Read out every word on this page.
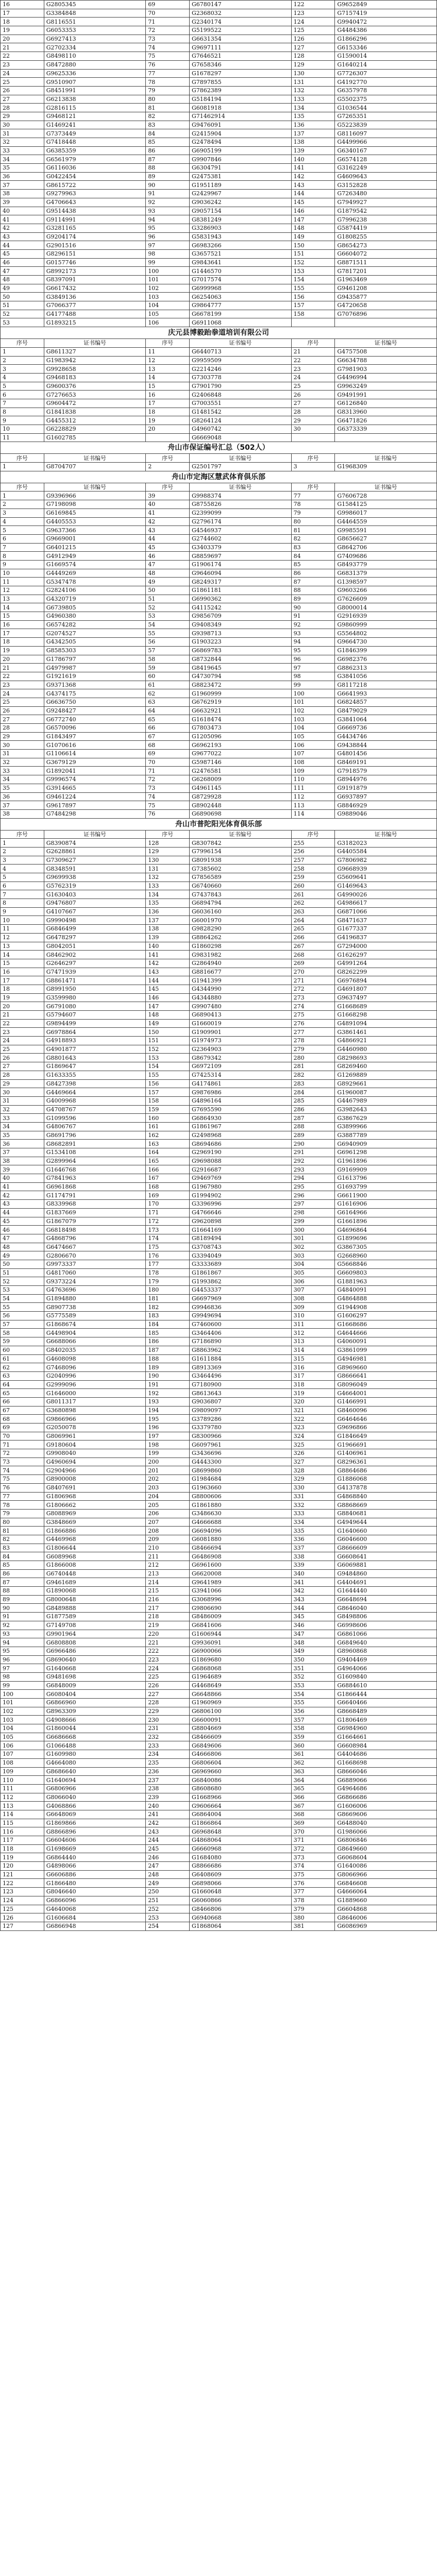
16	G2805345	69	G6780147	122	G9652849
17	G3384848	70	G2368032	123	G7157419
18	G8116551	71	G2340174	124	G9940472
19	G6053353	72	G5199522	125	G4484386
20	G6927413	73	G6631354	126	G1866296
21	G2702334	74	G9697111	127	G6153346
22	G8498110	75	G7646521	128	G1590014
23	G8472880	76	G7658346	129	G1640214
24	G9625336	77	G1678297	130	G7726307
25	G9510907	78	G7897855	131	G4192770
26	G8451991	79	G7862389	132	G6357978
27	G6213838	80	G5184194	133	G5502375
28	G2816115	81	G6081918	134	G1036544
29	G9468121	82	G71462914	135	G7265351
30	G1469241	83	G9476091	136	G5223839
31	G7373449	84	G2415904	137	G8116097
32	G7418448	85	G2478494	138	G4499966
33	G6385359	86	G6905199	139	G6340167
34	G6561979	87	G9907846	140	G6574128
35	G6116036	88	G6304791	141	G3162249
36	G0422454	89	G2475381	142	G4609643
37	G8615722	90	G1951189	143	G3152828
38	G9279963	91	G2429967	144	G7263480
39	G4706643	92	G9036242	145	G7949927
40	G9514438	93	G9057154	146	G1879542
41	G9114991	94	G8381249	147	G7996238
42	G3281165	95	G3286903	148	G5874419
43	G9204174	96	G5831943	149	G1808255
44	G2901516	97	G6983266	150	G8654273
45	G8296151	98	G3657521	151	G6604072
46	G0157746	99	G9843641	152	G8871511
47	G8992173	100	G1446570	153	G7817201
48	G8397091	101	G7017574	154	G1963469
49	G6617432	102	G6999968	155	G9461208
50	G3849136	103	G6254063	156	G9435877
51	G7066377	104	G9864777	157	G4720658
52	G4177488	105	G6678199	158	G7076896
53	G1893215	106	G6911068		
庆元县博毅跆拳道培训有限公司
序号	证书编号	序号	证书编号	序号	证书编号
1	G8611327	11	G6440713	21	G4757508
2	G1983942	12	G9959509	22	G6634788
3	G9928658	13	G2214246	23	G7981903
4	G9468183	14	G7303778	24	G4496994
5	G9600376	15	G7901790	25	G9963249
6	G7276653	16	G2406848	26	G9491991
7	G9604472	17	G7003551	27	G6126840
8	G1841838	18	G1481542	28	G8313960
9	G4455312	19	G8264124	29	G6471826
10	G6228829	20	G4960742	30	G6373339
11	G1602785		G6669048		
舟山市保证编号汇总（502人）
序号	证书编号	序号	证书编号	序号	证书编号
1	G8704707	2	G2501797	3	G1968309
舟山市定海区慧武体育俱乐部
序号	证书编号	序号	证书编号	序号	证书编号
1	G9396966	39	G9988374	77	G7606728
2	G7198098	40	G8755826	78	G1584125
3	G6169845	41	G2399099	79	G9986017
4	G4405553	42	G2796174	80	G4464559
5	G9637366	43	G4546937	81	G9985591
6	G9669001	44	G2744602	82	G8656627
7	G6401215	45	G3403379	83	G8642706
8	G4912949	46	G8859697	84	G7409686
9	G1669574	47	G1906174	85	G8493779
10	G4449269	48	G9646094	86	G6831379
11	G5347478	49	G8249317	87	G1398597
12	G2824106	50	G1861181	88	G9603266
13	G4320719	51	G6990362	89	G7626609
14	G6739805	52	G4115242	90	G8000014
15	G4960380	53	G9856709	91	G2916939
16	G6574282	54	G9408349	92	G9860999
17	G2074527	55	G9398713	93	G5564802
18	G4342505	56	G1903223	94	G9664730
19	G8585303	57	G6869783	95	G1846399
20	G1786797	58	G8732844	96	G6982376
21	G4979987	59	G8419645	97	G8862313
22	G1921619	60	G4730794	98	G3841056
23	G9371368	61	G8823472	99	G8117218
24	G4374175	62	G1960999	100	G6641993
25	G6636750	63	G6762919	101	G6824857
26	G9248427	64	G6632921	102	G8479029
27	G6772740	65	G1618474	103	G3841064
28	G6570096	66	G7803473	104	G6669736
29	G1843497	67	G1205096	105	G4434746
30	G1070616	68	G6962193	106	G9438844
31	G1106614	69	G9677022	107	G4801456
32	G3679129	70	G5987146	108	G8469191
33	G1892041	71	G2476581	109	G7918579
34	G9996574	72	G6268009	110	G8944976
35	G3914665	73	G4961145	111	G9191879
36	G9461224	74	G8729928	112	G6937897
37	G9617897	75	G8902448	113	G8846929
38	G7484298	76	G6890698	114	G9889046
舟山市普陀阳光体育俱乐部
序号	证书编号	序号	证书编号	序号	证书编号
1	G8390874	128	G8307842	255	G3182023
2	G2628861	129	G7996154	256	G4405584
3	G7309627	130	G8091938	257	G7806982
4	G8348591	131	G7385602	258	G9668939
5	G9699938	132	G7856589	259	G5609641
6	G5762319	133	G6740660	260	G1469643
7	G1630403	134	G7437843	261	G4990026
8	G9476807	135	G6894794	262	G4986617
9	G4107667	136	G6036160	263	G6871066
10	G9990498	137	G6001970	264	G8471637
11	G6846499	138	G9828290	265	G1677337
12	G6478297	139	G8864262	266	G4196837
13	G8042051	140	G1860298	267	G7294000
14	G8462902	141	G9831982	268	G1626297
15	G2646297	142	G2864940	269	G4991264
16	G7471939	143	G8816677	270	G8262299
17	G8861471	144	G1941399	271	G6976894
18	G8991950	145	G4344990	272	G4691807
19	G3599980	146	G4344880	273	G9637497
20	G6791080	147	G9907480	274	G1668689
21	G5794607	148	G6890413	275	G1668298
22	G9894499	149	G1660019	276	G4891094
23	G6978864	150	G1909901	277	G3861461
24	G4918893	151	G1974973	278	G4866921
25	G4901877	152	G2364903	279	G4460980
26	G8801643	153	G8679342	280	G8298693
27	G1869647	154	G6972109	281	G8269460
28	G1633355	155	G7425314	282	G1269889
29	G8427398	156	G4174861	283	G8929661
30	G4469664	157	G9876986	284	G1960087
31	G4009968	158	G4896164	285	G4467989
32	G4708767	159	G7695590	286	G3982643
33	G1099596	160	G6864930	287	G3867629
34	G4806767	161	G1861967	288	G3899966
35	G8691796	162	G2498968	289	G3887789
36	G8682891	163	G8694686	290	G6940909
37	G1534108	164	G2969190	291	G6961298
38	G2899964	165	G9698088	292	G1961896
39	G1646768	166	G2916687	293	G9169909
40	G7841963	167	G9469769	294	G1613796
41	G6961868	168	G1967980	295	G1693799
42	G1174791	169	G1994902	296	G6611900
43	G8339968	170	G3396996	297	G1616906
44	G1837669	171	G4766646	298	G6164966
45	G1867079	172	G9620898	299	G1661896
46	G6818498	173	G1664169	300	G4696864
47	G4868796	174	G8189494	301	G1899696
48	G6474667	175	G3708743	302	G3867305
49	G2806670	176	G3394049	303	G2668960
50	G9973337	177	G3333689	304	G5668846
51	G4817060	178	G1861867	305	G6609803
52	G9373224	179	G1993862	306	G1881963
53	G4763696	180	G4453337	307	G4840091
54	G1894880	181	G6697969	308	G4864888
55	G8907738	182	G9946836	309	G1944908
56	G5775589	183	G9949694	310	G1606297
57	G1868674	184	G7460600	311	G1668686
58	G4498904	185	G3464406	312	G4644666
59	G6688066	186	G7186890	313	G4060091
60	G8402035	187	G8863962	314	G3861099
61	G4608098	188	G1611884	315	G4946981
62	G7468096	189	G8913369	316	G8969660
63	G2040996	190	G3464496	317	G8666641
64	G2999096	191	G7180900	318	G8096049
65	G1646000	192	G8613643	319	G4664001
66	G8011317	193	G9036807	320	G1466991
67	G3680898	194	G9809097	321	G8460096
68	G9866966	195	G3789286	322	G6464646
69	G2050078	196	G3379780	323	G9696866
70	G8069961	197	G8300966	324	G1846649
71	G9180604	198	G6097961	325	G1966691
72	G9908040	199	G3436696	326	G1406961
73	G4960694	200	G4443300	327	G8296361
74	G2904966	201	G8699860	328	G8864686
75	G8900008	202	G1984684	329	G1886068
76	G8407691	203	G1963660	330	G4137878
77	G1806968	204	G8800606	331	G4868840
78	G1806662	205	G1861880	332	G8868669
79	G8088969	206	G3486630	333	G8840681
80	G3848669	207	G4666688	334	G4949644
81	G1866886	208	G6694096	335	G1640660
82	G4469968	209	G6081880	336	G6046600
83	G1806644	210	G8466694	337	G8666609
84	G6089968	211	G6486908	338	G6608641
85	G1866008	212	G6961600	339	G6069881
86	G6740448	213	G6620008	340	G9484860
87	G9461689	214	G9641989	341	G4404691
88	G1890068	215	G3941066	342	G1644440
89	G8000648	216	G3068996	343	G6648694
90	G8489888	217	G9806690	344	G8646040
91	G1877589	218	G8486009	345	G8498806
92	G7149708	219	G6841606	346	G6998606
93	G9901964	220	G1606944	347	G6861066
94	G6808808	221	G9936091	348	G6849640
95	G6966486	222	G6900066	349	G8960868
96	G8690640	223	G1869680	350	G9404469
97	G1640668	224	G6868068	351	G4964066
98	G9481698	225	G1964689	352	G1609840
99	G6848009	226	G4468649	353	G6884610
100	G6080404	227	G6648866	354	G1866444
101	G6866960	228	G1960969	355	G6640466
102	G8963309	229	G6806100	356	G8668489
103	G4908666	230	G6600091	357	G1806469
104	G1860044	231	G8804669	358	G6984960
105	G6686668	232	G8466609	359	G1664661
106	G1066488	233	G6849606	360	G6608984
107	G1609980	234	G4666806	361	G4404686
108	G4664080	235	G6806604	362	G1668698
109	G8686640	236	G6969660	363	G8666046
110	G1640694	237	G6840086	364	G6889066
111	G6806966	238	G8608680	365	G4964686
112	G8066040	239	G1668966	366	G6866686
113	G4068866	240	G9606664	367	G1606006
114	G6648069	241	G6864004	368	G8669606
115	G1869866	242	G1866864	369	G6488040
116	G8866896	243	G6968648	370	G1986066
117	G6604606	244	G4868064	371	G6806846
118	G1698669	245	G6660968	372	G8649660
119	G6864440	246	G1684080	373	G6068604
120	G4898066	247	G8866686	374	G1640086
121	G6606886	248	G6408609	375	G8066966
122	G1866480	249	G6898066	376	G6846608
123	G8046640	250	G1660648	377	G4666064
124	G6866096	251	G6060866	378	G1889660
125	G4640068	252	G8466806	379	G6604868
126	G1606684	253	G6940668	380	G8646006
127	G6866948	254	G1868064	381	G6086969
